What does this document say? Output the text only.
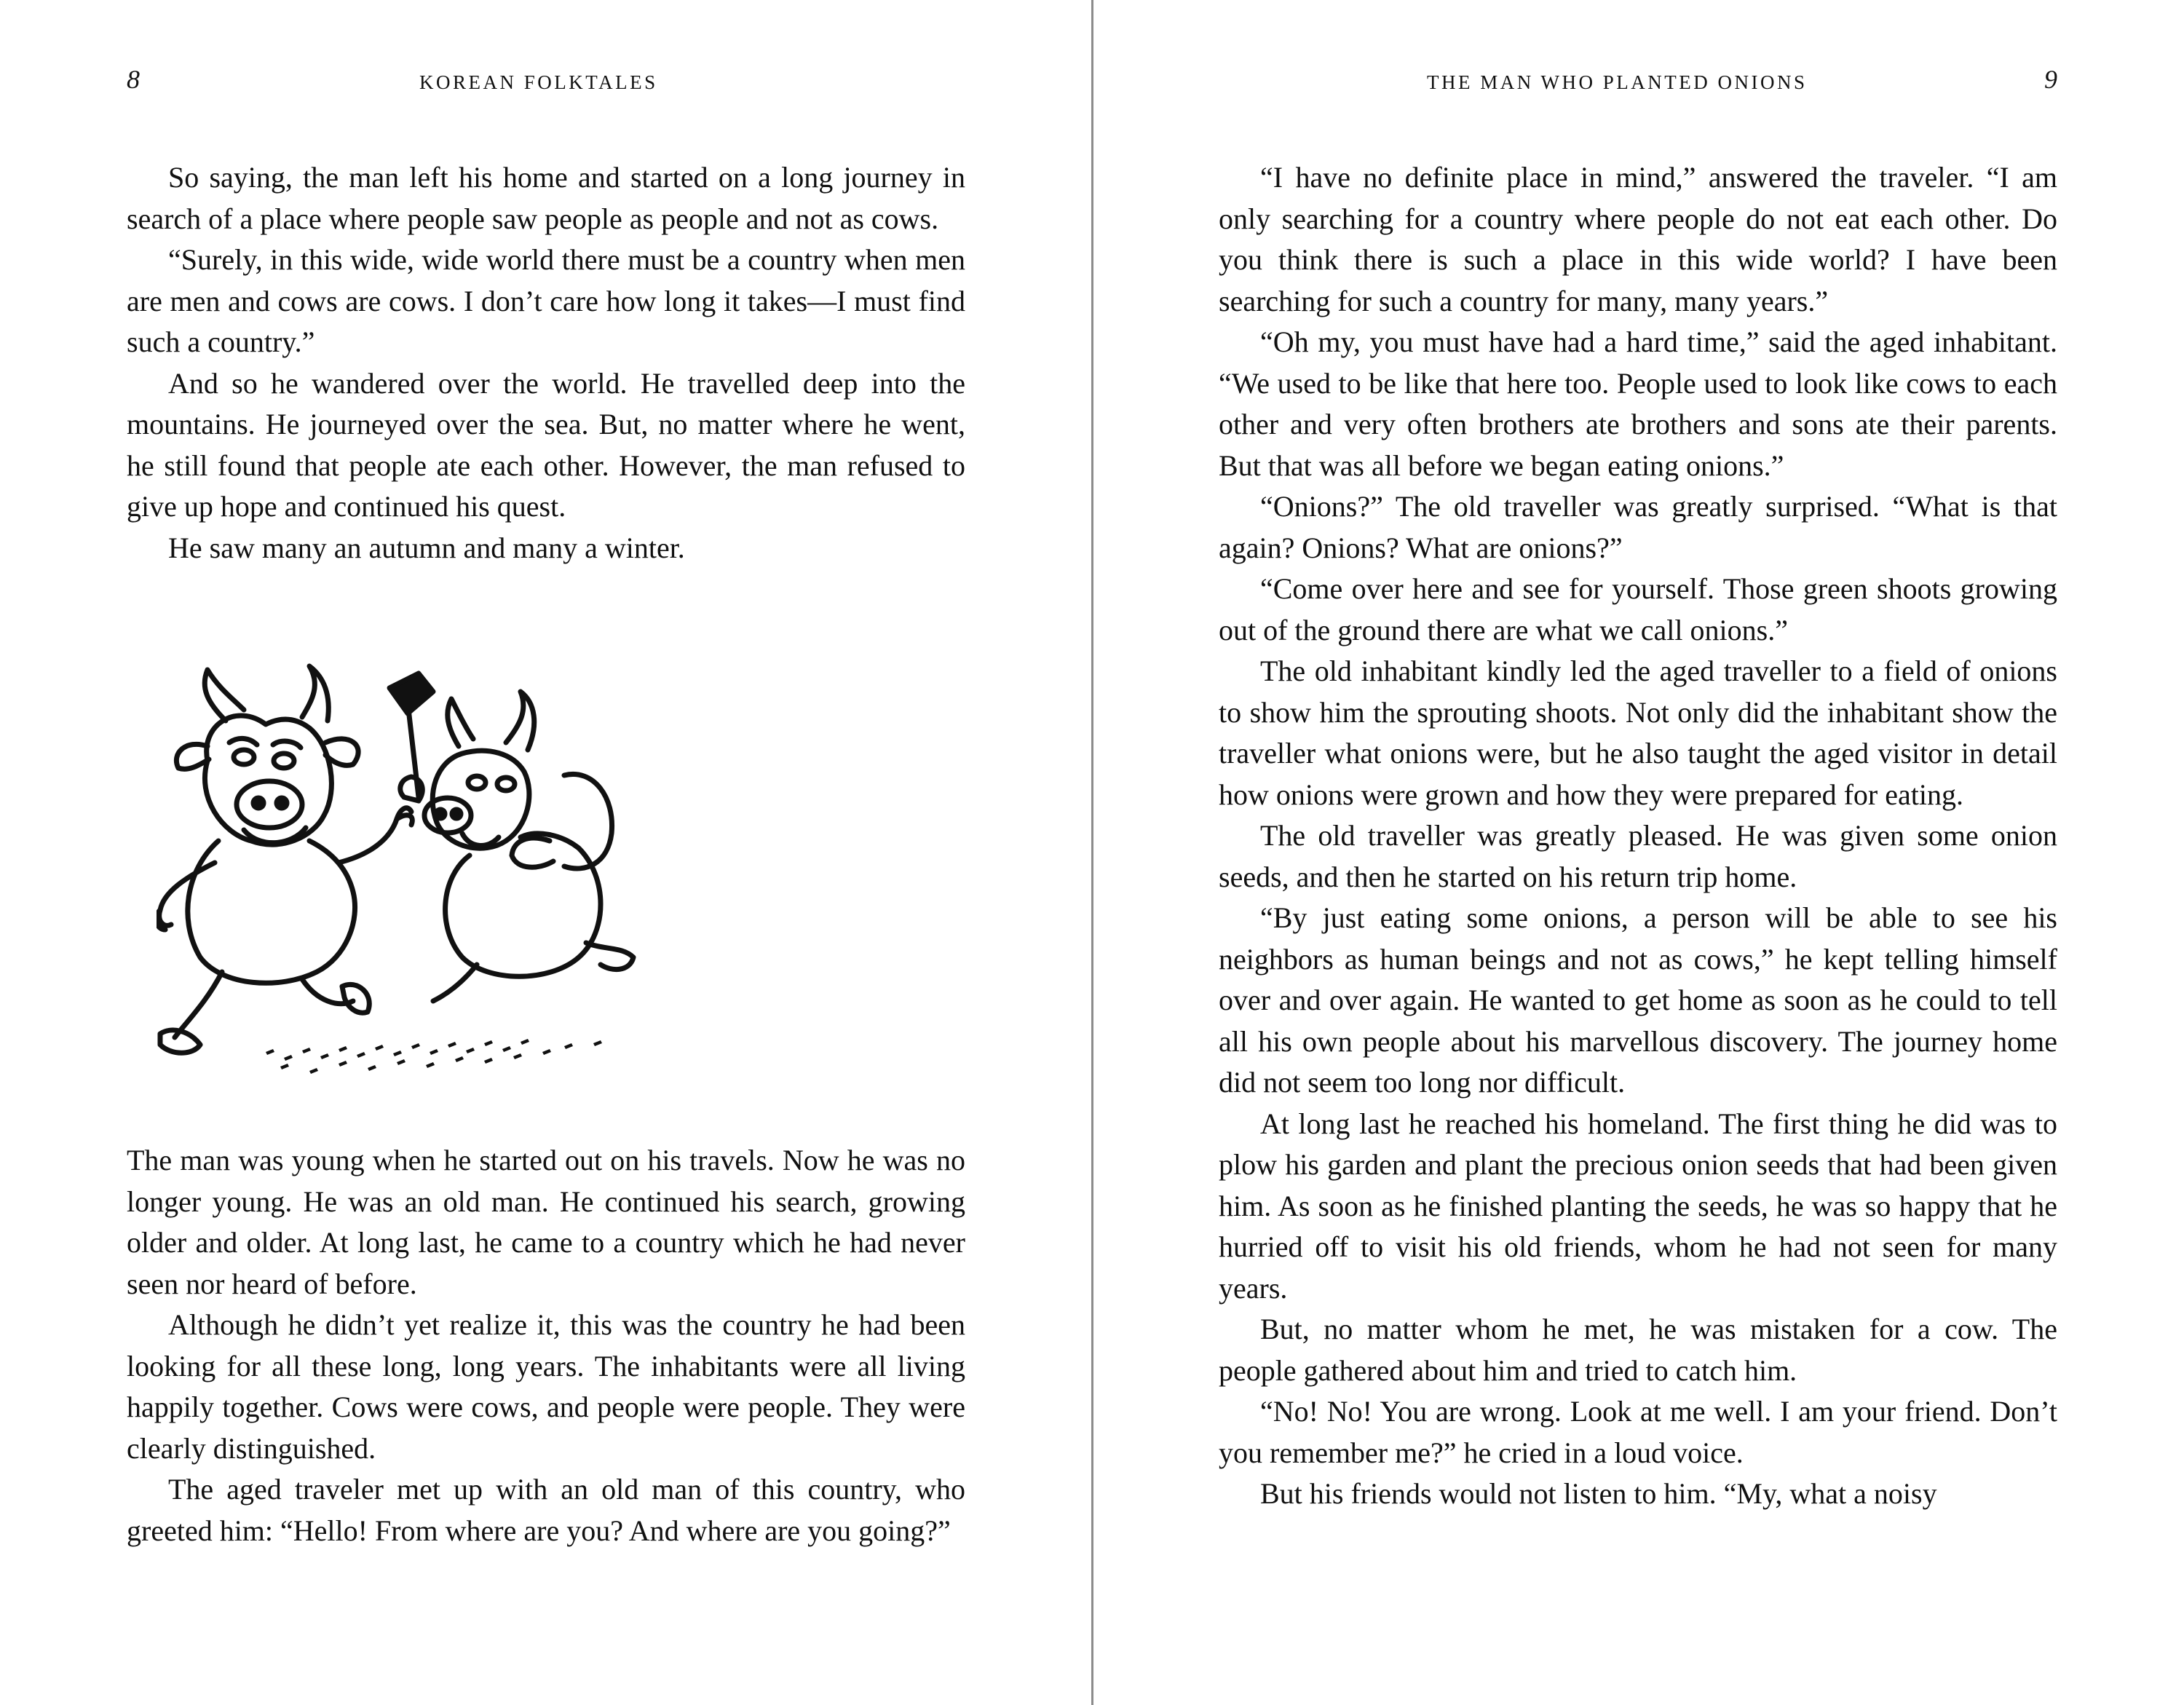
8	KOREAN FOLKTALES

So saying, the man left his home and started on a long journey in search of a place where people saw people as people and not as cows.

“Surely, in this wide, wide world there must be a country when men are men and cows are cows. I don’t care how long it takes—I must find such a country.”

And so he wandered over the world. He travelled deep into the mountains. He journeyed over the sea. But, no matter where he went, he still found that people ate each other. However, the man refused to give up hope and continued his quest.

He saw many an autumn and many a winter.

The man was young when he started out on his travels. Now he was no longer young. He was an old man. He continued his search, growing older and older. At long last, he came to a country which he had never seen nor heard of before.

Although he didn’t yet realize it, this was the country he had been looking for all these long, long years. The inhabitants were all living happily together. Cows were cows, and people were people. They were clearly distinguished.

The aged traveler met up with an old man of this country, who greeted him: “Hello! From where are you? And where are you going?”

9
THE MAN WHO PLANTED ONIONS

“I have no definite place in mind,” answered the traveler. “I am only searching for a country where people do not eat each other. Do you think there is such a place in this wide world? I have been searching for such a country for many, many years.”

“Oh my, you must have had a hard time,” said the aged inhabitant. “We used to be like that here too. People used to look like cows to each other and very often brothers ate brothers and sons ate their parents. But that was all before we began eating onions.”

“Onions?” The old traveller was greatly surprised. “What is that again? Onions? What are onions?”

“Come over here and see for yourself. Those green shoots growing out of the ground there are what we call onions.”

The old inhabitant kindly led the aged traveller to a field of onions to show him the sprouting shoots. Not only did the inhabitant show the traveller what onions were, but he also taught the aged visitor in detail how onions were grown and how they were prepared for eating.

The old traveller was greatly pleased. He was given some onion seeds, and then he started on his return trip home.

“By just eating some onions, a person will be able to see his neighbors as human beings and not as cows,” he kept telling himself over and over again. He wanted to get home as soon as he could to tell all his own people about his marvellous discovery. The journey home did not seem too long nor difficult.

At long last he reached his homeland. The first thing he did was to plow his garden and plant the precious onion seeds that had been given him. As soon as he finished planting the seeds, he was so happy that he hurried off to visit his old friends, whom he had not seen for many years.

But, no matter whom he met, he was mistaken for a cow. The people gathered about him and tried to catch him.

“No! No! You are wrong. Look at me well. I am your friend. Don’t you remember me?” he cried in a loud voice.

But his friends would not listen to him. “My, what a noisy
